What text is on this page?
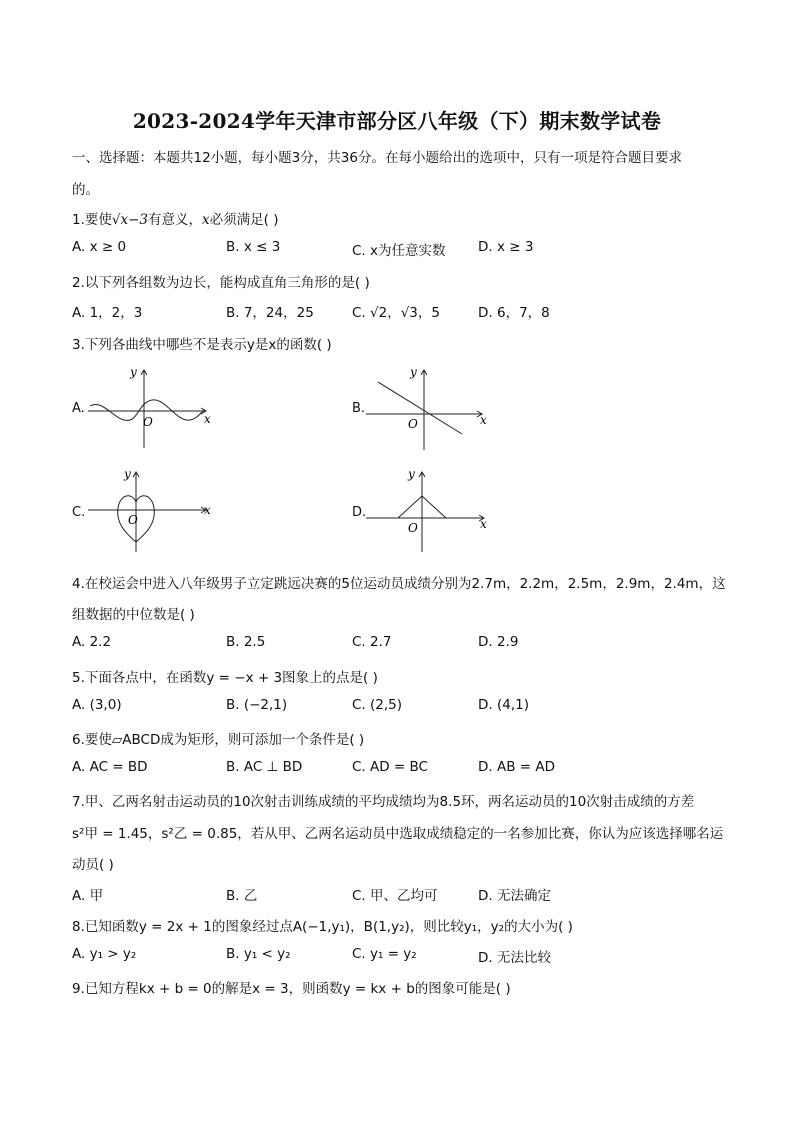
2023-2024学年天津市部分区八年级（下）期末数学试卷
一、选择题：本题共12小题，每小题3分，共36分。在每小题给出的选项中，只有一项是符合题目要求
的。
1.要使√x−3有意义，x必须满足( )
A. x ≥ 0	B. x ≤ 3	C. x为任意实数 D. x ≥ 3
2.以下列各组数为边长，能构成直角三角形的是( )
A. 1，2，3	B. 7，24，25	C. √2，√3，5	D. 6，7，8
3.下列各曲线中哪些不是表示y是x的函数( )
A.	B.
C.	D.
x
y
O	x
y
O
x
y
O	x
y
O
4.在校运会中进入八年级男子立定跳远决赛的5位运动员成绩分别为2.7m，2.2m，2.5m，2.9m，2.4m，这
组数据的中位数是( )
A. 2.2	B. 2.5	C. 2.7	D. 2.9
5.下面各点中，在函数y = −x + 3图象上的点是( )
A. (3,0)	B. (−2,1)	C. (2,5)	D. (4,1)
6.要使▱ABCD成为矩形，则可添加一个条件是( )
A. AC = BD	B. AC ⊥ BD	C. AD = BC	D. AB = AD
7.甲、乙两名射击运动员的10次射击训练成绩的平均成绩均为8.5环，两名运动员的10次射击成绩的方差
s²甲 = 1.45，s²乙 = 0.85，若从甲、乙两名运动员中选取成绩稳定的一名参加比赛，你认为应该选择哪名运
动员( )
A. 甲	B. 乙	C. 甲、乙均可	D. 无法确定
8.已知函数y = 2x + 1的图象经过点A(−1,y₁)，B(1,y₂)，则比较y₁，y₂的大小为( )
A. y₁ > y₂	B. y₁ < y₂	C. y₁ = y₂	D. 无法比较
9.已知方程kx + b = 0的解是x = 3，则函数y = kx + b的图象可能是( )
